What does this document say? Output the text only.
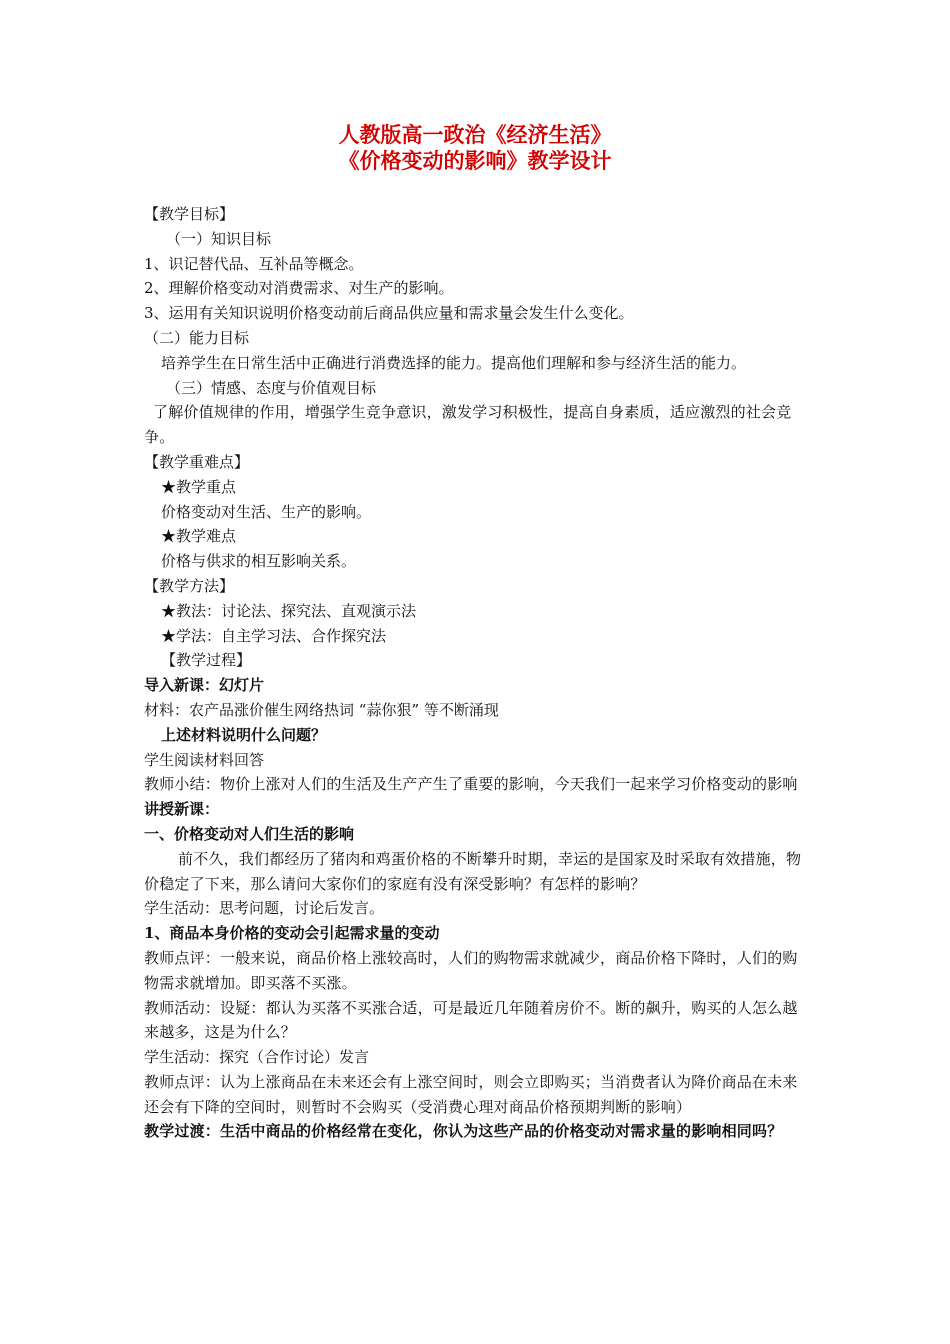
人教版高一政治《经济生活》
《价格变动的影响》教学设计

【教学目标】

（一）知识目标

1、识记替代品、互补品等概念。

2、理解价格变动对消费需求、对生产的影响。

3、运用有关知识说明价格变动前后商品供应量和需求量会发生什么变化。

（二）能力目标

培养学生在日常生活中正确进行消费选择的能力。提高他们理解和参与经济生活的能力。

（三）情感、态度与价值观目标

了解价值规律的作用，增强学生竞争意识，激发学习积极性，提高自身素质，适应激烈的社会竞争。

【教学重难点】

★教学重点

价格变动对生活、生产的影响。

★教学难点

价格与供求的相互影响关系。

【教学方法】

★教法：讨论法、探究法、直观演示法

★学法：自主学习法、合作探究法

【教学过程】

导入新课：幻灯片

材料：农产品涨价催生网络热词 “蒜你狠” 等不断涌现

上述材料说明什么问题？

学生阅读材料回答

教师小结：物价上涨对人们的生活及生产产生了重要的影响，今天我们一起来学习价格变动的影响

讲授新课：

一、价格变动对人们生活的影响

前不久，我们都经历了猪肉和鸡蛋价格的不断攀升时期，幸运的是国家及时采取有效措施，物价稳定了下来，那么请问大家你们的家庭有没有深受影响？有怎样的影响？

学生活动：思考问题，讨论后发言。

1、商品本身价格的变动会引起需求量的变动

教师点评：一般来说，商品价格上涨较高时，人们的购物需求就减少，商品价格下降时，人们的购物需求就增加。即买落不买涨。

教师活动：设疑：都认为买落不买涨合适，可是最近几年随着房价不。断的飙升，购买的人怎么越来越多，这是为什么？

学生活动：探究（合作讨论）发言

教师点评：认为上涨商品在未来还会有上涨空间时，则会立即购买；当消费者认为降价商品在未来还会有下降的空间时，则暂时不会购买（受消费心理对商品价格预期判断的影响）

教学过渡：生活中商品的价格经常在变化，你认为这些产品的价格变动对需求量的影响相同吗？
